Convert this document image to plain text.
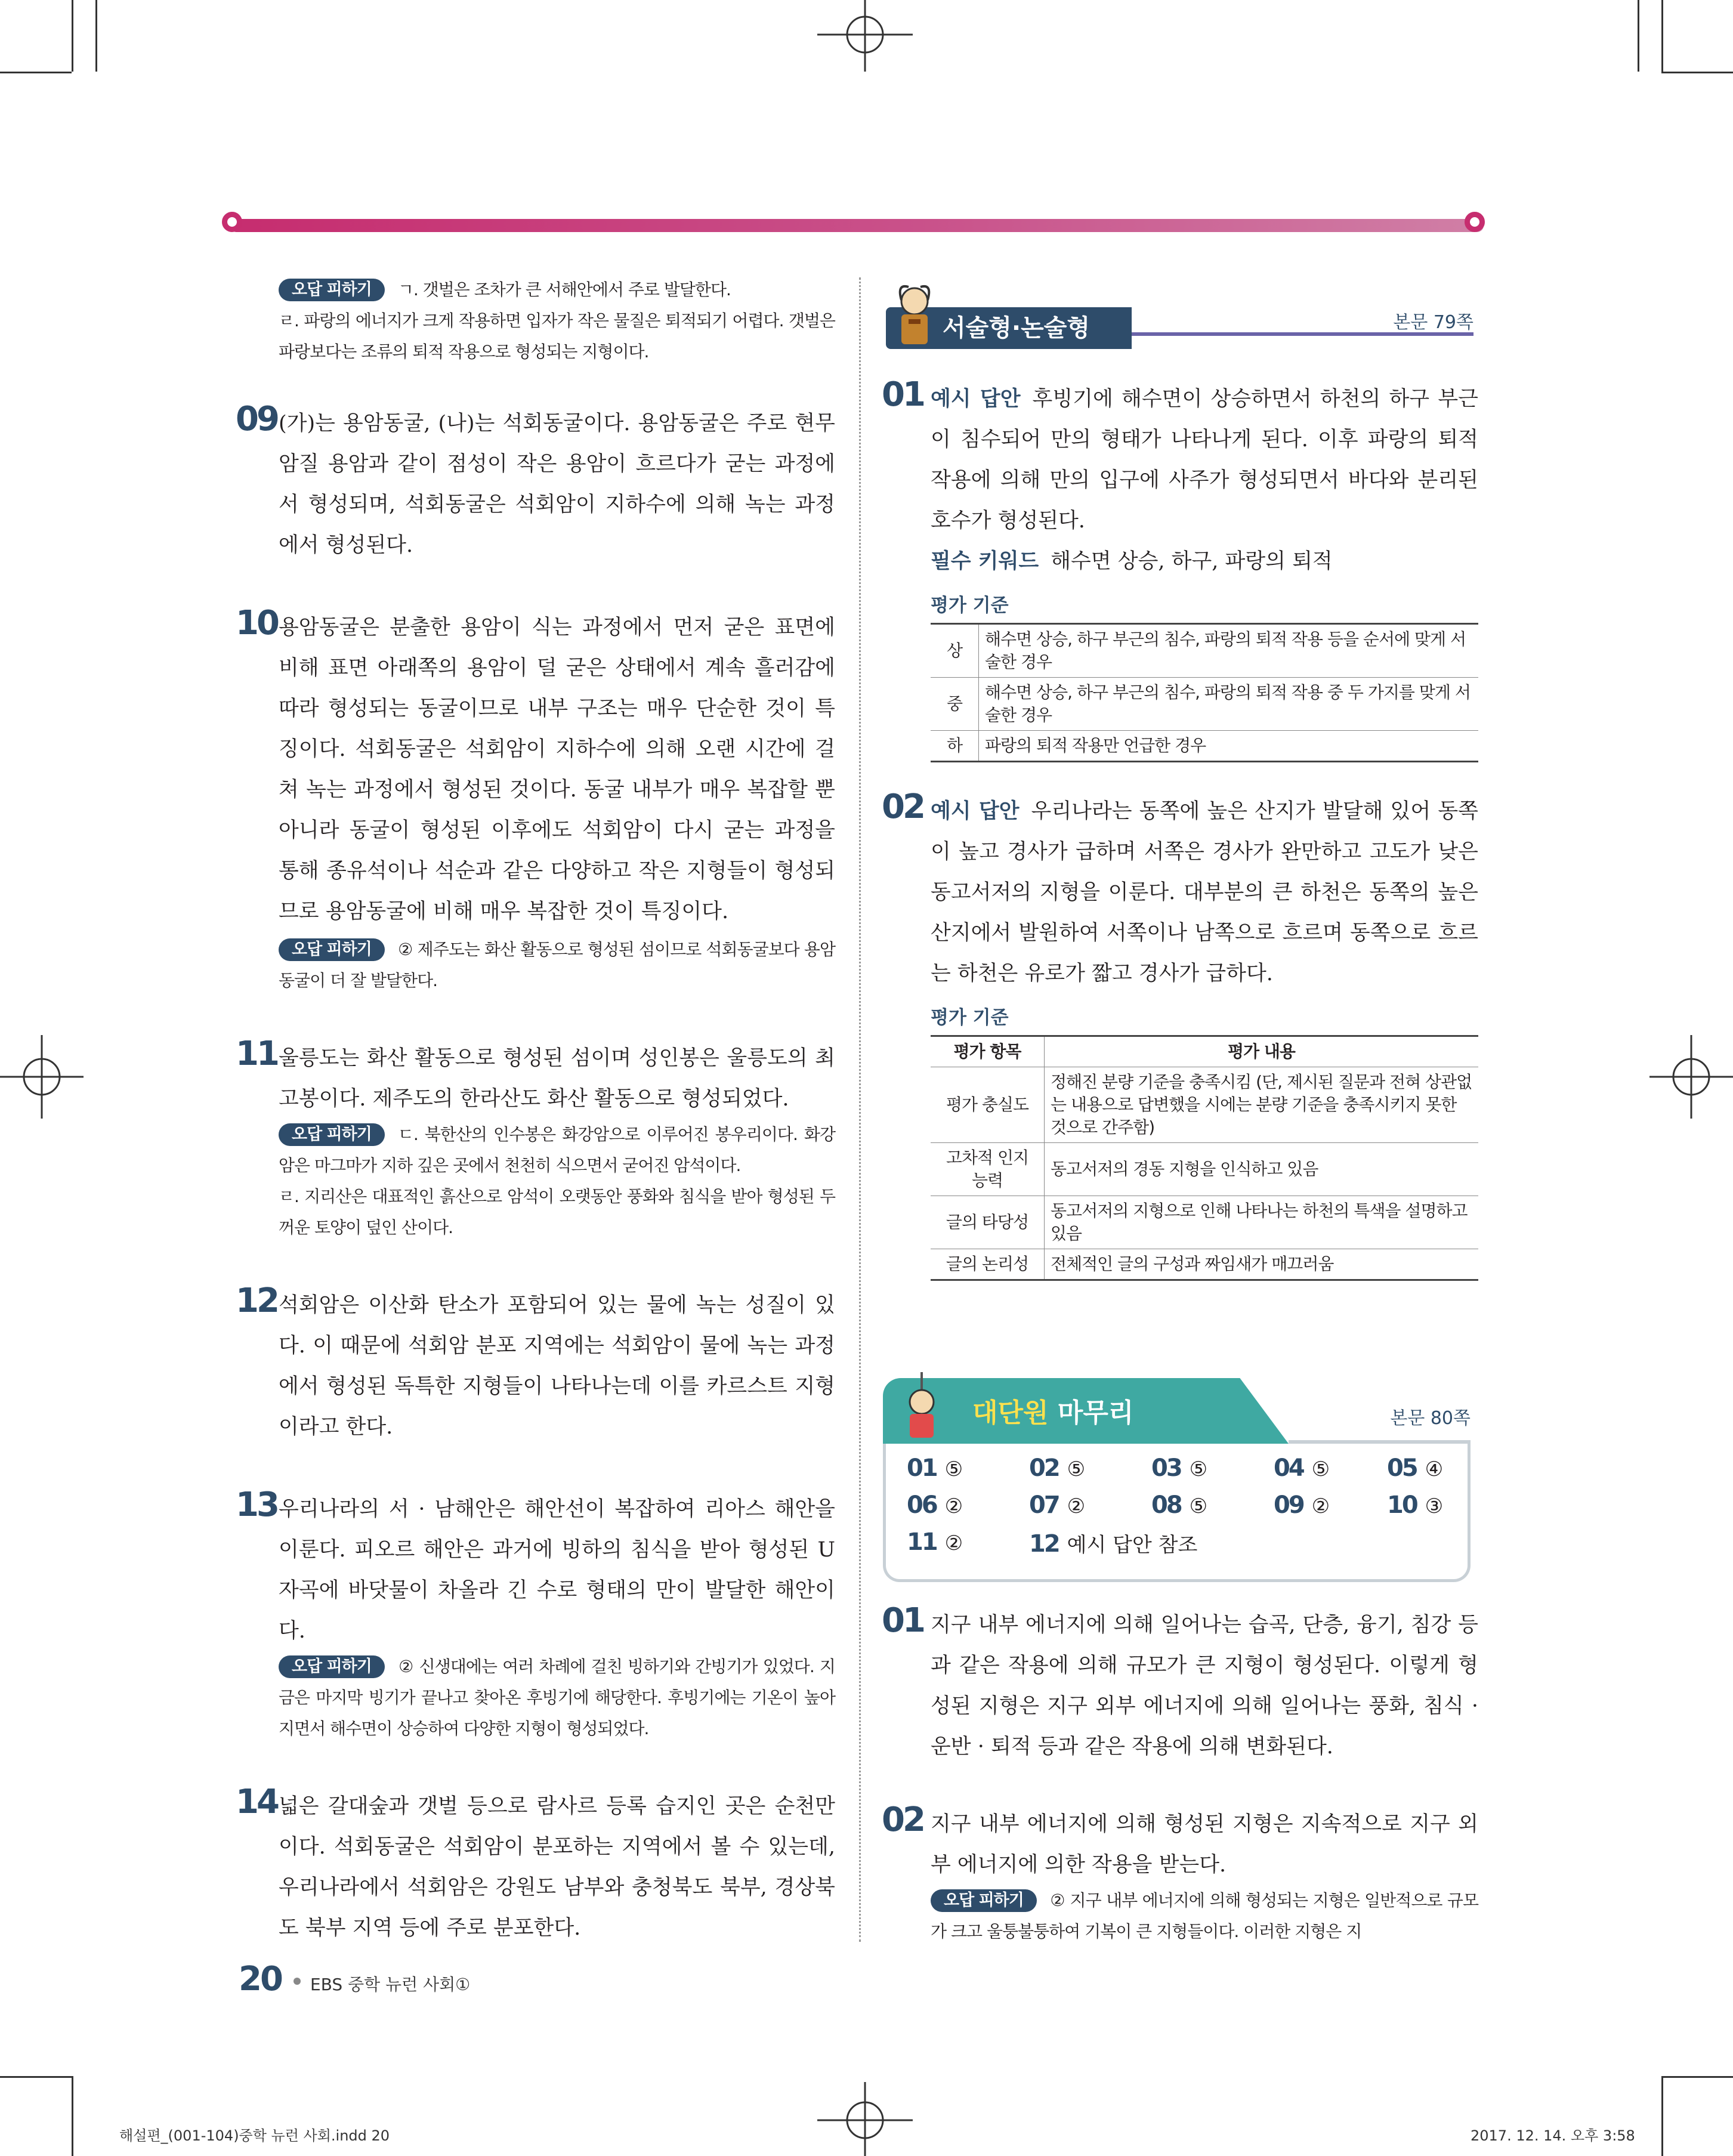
오답 피하기 ㄱ. 갯벌은 조차가 큰 서해안에서 주로 발달한다.
ㄹ. 파랑의 에너지가 크게 작용하면 입자가 작은 물질은 퇴적되기 어렵다. 갯벌은 파랑보다는 조류의 퇴적 작용으로 형성되는 지형이다.
09 (가)는 용암동굴, (나)는 석회동굴이다. 용암동굴은 주로 현무암질 용암과 같이 점성이 작은 용암이 흐르다가 굳는 과정에서 형성되며, 석회동굴은 석회암이 지하수에 의해 녹는 과정에서 형성된다.
10 용암동굴은 분출한 용암이 식는 과정에서 먼저 굳은 표면에 비해 표면 아래쪽의 용암이 덜 굳은 상태에서 계속 흘러감에 따라 형성되는 동굴이므로 내부 구조는 매우 단순한 것이 특징이다. 석회동굴은 석회암이 지하수에 의해 오랜 시간에 걸쳐 녹는 과정에서 형성된 것이다. 동굴 내부가 매우 복잡할 뿐 아니라 동굴이 형성된 이후에도 석회암이 다시 굳는 과정을 통해 종유석이나 석순과 같은 다양하고 작은 지형들이 형성되므로 용암동굴에 비해 매우 복잡한 것이 특징이다.
오답 피하기 ② 제주도는 화산 활동으로 형성된 섬이므로 석회동굴보다 용암동굴이 더 잘 발달한다.
11 울릉도는 화산 활동으로 형성된 섬이며 성인봉은 울릉도의 최고봉이다. 제주도의 한라산도 화산 활동으로 형성되었다.
오답 피하기 ㄷ. 북한산의 인수봉은 화강암으로 이루어진 봉우리이다. 화강암은 마그마가 지하 깊은 곳에서 천천히 식으면서 굳어진 암석이다.
ㄹ. 지리산은 대표적인 흙산으로 암석이 오랫동안 풍화와 침식을 받아 형성된 두꺼운 토양이 덮인 산이다.
12 석회암은 이산화 탄소가 포함되어 있는 물에 녹는 성질이 있다. 이 때문에 석회암 분포 지역에는 석회암이 물에 녹는 과정에서 형성된 독특한 지형들이 나타나는데 이를 카르스트 지형이라고 한다.
13 우리나라의 서 · 남해안은 해안선이 복잡하여 리아스 해안을 이룬다. 피오르 해안은 과거에 빙하의 침식을 받아 형성된 U자곡에 바닷물이 차올라 긴 수로 형태의 만이 발달한 해안이다.
오답 피하기 ② 신생대에는 여러 차례에 걸친 빙하기와 간빙기가 있었다. 지금은 마지막 빙기가 끝나고 찾아온 후빙기에 해당한다. 후빙기에는 기온이 높아지면서 해수면이 상승하여 다양한 지형이 형성되었다.
14 넓은 갈대숲과 갯벌 등으로 람사르 등록 습지인 곳은 순천만이다. 석회동굴은 석회암이 분포하는 지역에서 볼 수 있는데, 우리나라에서 석회암은 강원도 남부와 충청북도 북부, 경상북도 북부 지역 등에 주로 분포한다.
서술형·논술형	본문 79쪽
01 예시 답안 후빙기에 해수면이 상승하면서 하천의 하구 부근이 침수되어 만의 형태가 나타나게 된다. 이후 파랑의 퇴적 작용에 의해 만의 입구에 사주가 형성되면서 바다와 분리된 호수가 형성된다.
필수 키워드 해수면 상승, 하구, 파랑의 퇴적
평가 기준
상	해수면 상승, 하구 부근의 침수, 파랑의 퇴적 작용 등을 순서에 맞게 서술한 경우
중	해수면 상승, 하구 부근의 침수, 파랑의 퇴적 작용 중 두 가지를 맞게 서술한 경우
하	파랑의 퇴적 작용만 언급한 경우
02 예시 답안 우리나라는 동쪽에 높은 산지가 발달해 있어 동쪽이 높고 경사가 급하며 서쪽은 경사가 완만하고 고도가 낮은 동고서저의 지형을 이룬다. 대부분의 큰 하천은 동쪽의 높은 산지에서 발원하여 서쪽이나 남쪽으로 흐르며 동쪽으로 흐르는 하천은 유로가 짧고 경사가 급하다.
평가 기준
평가 항목	평가 내용
평가 충실도	정해진 분량 기준을 충족시킴 (단, 제시된 질문과 전혀 상관없는 내용으로 답변했을 시에는 분량 기준을 충족시키지 못한 것으로 간주함)
고차적 인지 능력	동고서저의 경동 지형을 인식하고 있음
글의 타당성	동고서저의 지형으로 인해 나타나는 하천의 특색을 설명하고 있음
글의 논리성	전체적인 글의 구성과 짜임새가 매끄러움
대단원 마무리	본문 80쪽
01 ⑤	02 ⑤	03 ⑤	04 ⑤ 05 ④
06 ②	07 ②	08 ⑤	09 ② 10 ③
11 ②	12 예시 답안 참조
01 지구 내부 에너지에 의해 일어나는 습곡, 단층, 융기, 침강 등과 같은 작용에 의해 규모가 큰 지형이 형성된다. 이렇게 형성된 지형은 지구 외부 에너지에 의해 일어나는 풍화, 침식 · 운반 · 퇴적 등과 같은 작용에 의해 변화된다.
02 지구 내부 에너지에 의해 형성된 지형은 지속적으로 지구 외부 에너지에 의한 작용을 받는다.
오답 피하기 ② 지구 내부 에너지에 의해 형성되는 지형은 일반적으로 규모가 크고 울퉁불퉁하여 기복이 큰 지형들이다. 이러한 지형은 지
20 EBS 중학 뉴런 사회①
해설편_(001-104)중학 뉴런 사회.indd 20	2017. 12. 14. 오후 3:58
